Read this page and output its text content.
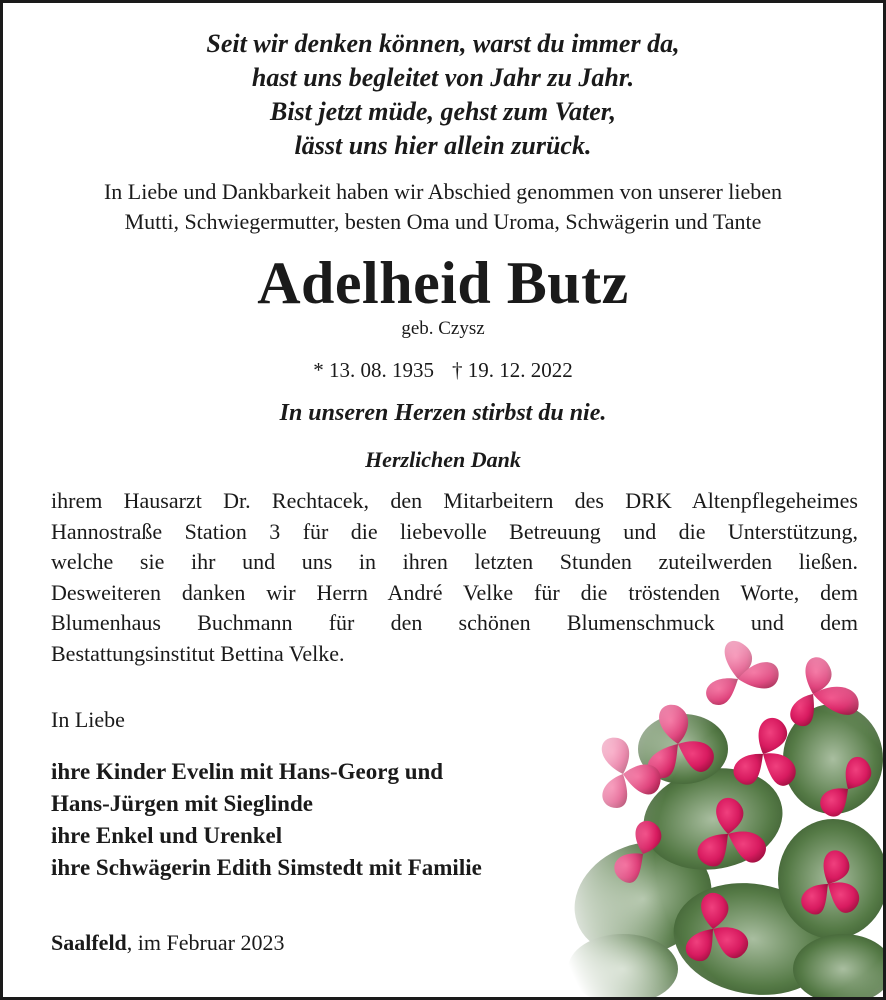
Seit wir denken können, warst du immer da,
hast uns begleitet von Jahr zu Jahr.
Bist jetzt müde, gehst zum Vater,
lässt uns hier allein zurück.
In Liebe und Dankbarkeit haben wir Abschied genommen von unserer lieben
Mutti, Schwiegermutter, besten Oma und Uroma, Schwägerin und Tante
Adelheid Butz
geb. Czysz
* 13. 08. 1935 † 19. 12. 2022
In unseren Herzen stirbst du nie.
Herzlichen Dank
ihrem Hausarzt Dr. Rechtacek, den Mitarbeitern des DRK Altenpflegeheimes
Hannostraße Station 3 für die liebevolle Betreuung und die Unterstützung,
welche sie ihr und uns in ihren letzten Stunden zuteilwerden ließen.
Desweiteren danken wir Herrn André Velke für die tröstenden Worte, dem
Blumenhaus Buchmann für den schönen Blumenschmuck und dem
Bestattungsinstitut Bettina Velke.
In Liebe
ihre Kinder Evelin mit Hans-Georg und
Hans-Jürgen mit Sieglinde
ihre Enkel und Urenkel
ihre Schwägerin Edith Simstedt mit Familie
Saalfeld, im Februar 2023
